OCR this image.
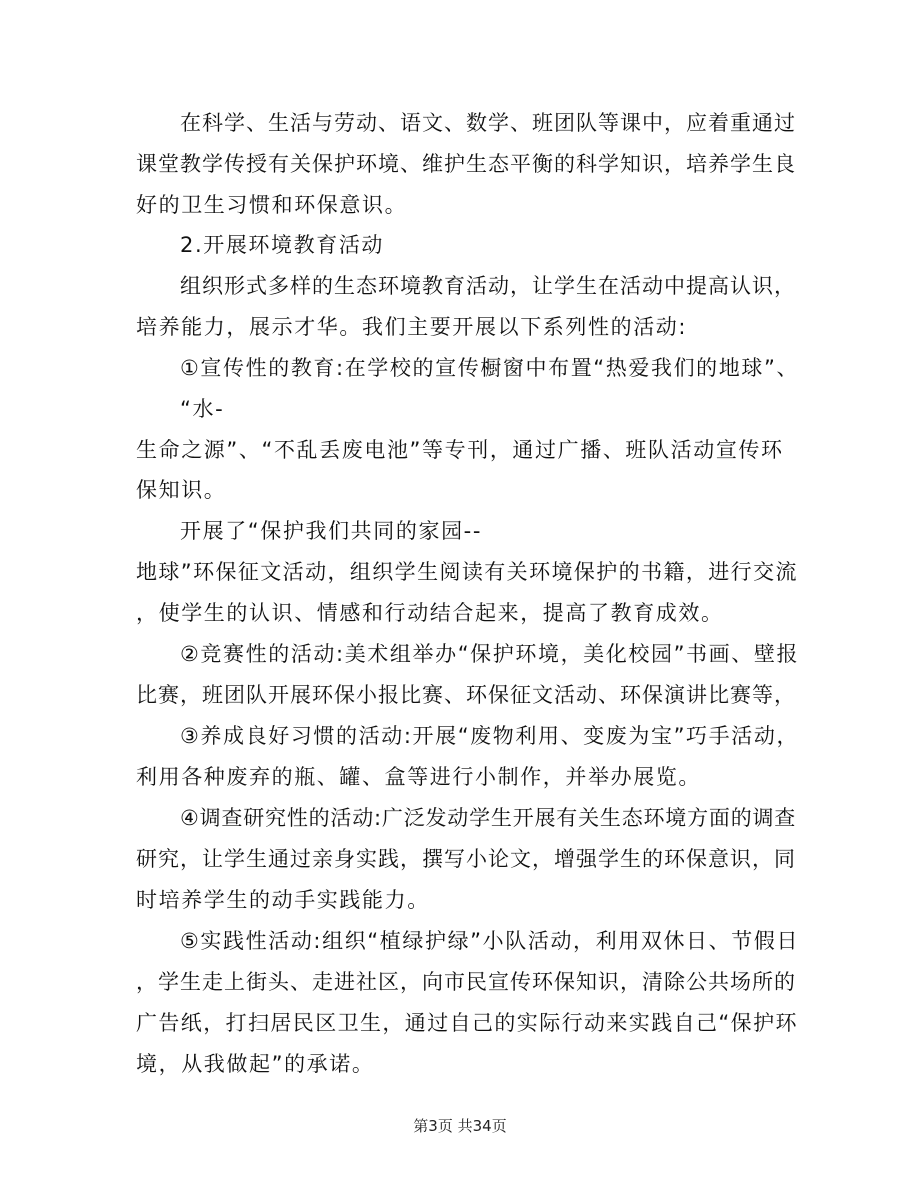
在科学、生活与劳动、语文、数学、班团队等课中，应着重通过
课堂教学传授有关保护环境、维护生态平衡的科学知识，培养学生良
好的卫生习惯和环保意识。
2.开展环境教育活动
组织形式多样的生态环境教育活动，让学生在活动中提高认识，
培养能力，展示才华。我们主要开展以下系列性的活动:
①宣传性的教育:在学校的宣传橱窗中布置“热爱我们的地球”、
“水-
生命之源”、“不乱丢废电池”等专刊，通过广播、班队活动宣传环
保知识。
开展了“保护我们共同的家园--
地球”环保征文活动，组织学生阅读有关环境保护的书籍，进行交流
，使学生的认识、情感和行动结合起来，提高了教育成效。
②竞赛性的活动:美术组举办“保护环境，美化校园”书画、壁报
比赛，班团队开展环保小报比赛、环保征文活动、环保演讲比赛等，
③养成良好习惯的活动:开展“废物利用、变废为宝”巧手活动，
利用各种废弃的瓶、罐、盒等进行小制作，并举办展览。
④调查研究性的活动:广泛发动学生开展有关生态环境方面的调查
研究，让学生通过亲身实践，撰写小论文，增强学生的环保意识，同
时培养学生的动手实践能力。
⑤实践性活动:组织“植绿护绿”小队活动，利用双休日、节假日
，学生走上街头、走进社区，向市民宣传环保知识，清除公共场所的
广告纸，打扫居民区卫生，通过自己的实际行动来实践自己“保护环
境，从我做起”的承诺。
第3页 共34页
